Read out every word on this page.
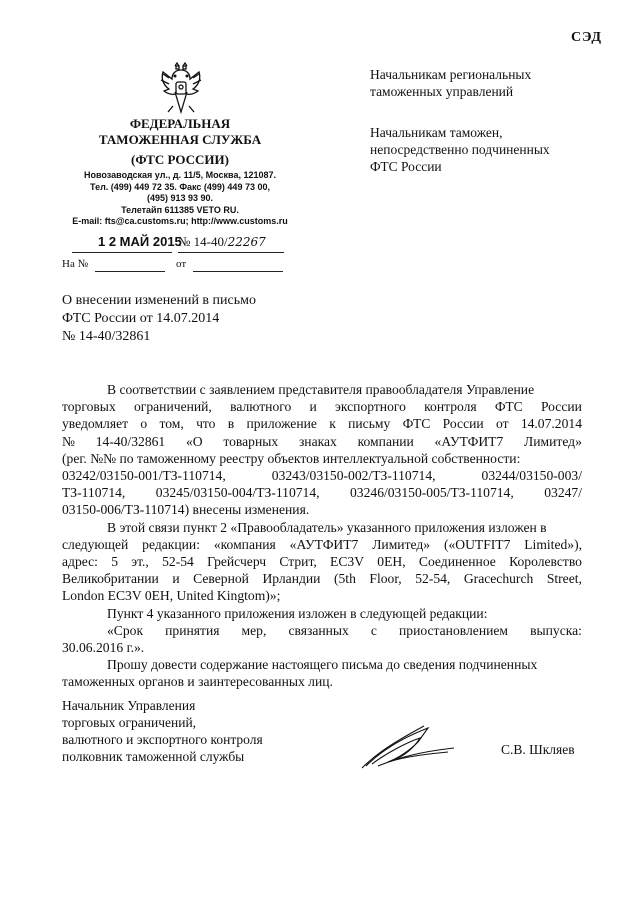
СЭД
ФЕДЕРАЛЬНАЯ
ТАМОЖЕННАЯ СЛУЖБА
(ФТС РОССИИ)
Новозаводская ул., д. 11/5, Москва, 121087.
Тел. (499) 449 72 35. Факс (499) 449 73 00,
(495) 913 93 90.
Телетайп 611385 VETO RU.
E-mail: fts@ca.customs.ru; http://www.customs.ru
1 2 МАЙ 2015
№ 14-40/22267
На №	от
Начальникам региональных
таможенных управлений
Начальникам таможен,
непосредственно подчиненных
ФТС России
О внесении изменений в письмо
ФТС России от 14.07.2014
№ 14-40/32861
В соответствии с заявлением представителя правообладателя Управление
торговых ограничений, валютного и экспортного контроля ФТС России
уведомляет о том, что в приложение к письму ФТС России от 14.07.2014
№ 14-40/32861 «О товарных знаках компании «АУТФИТ7 Лимитед»
(рег. №№ по таможенному реестру объектов интеллектуальной собственности:
03242/03150-001/ТЗ-110714,	03243/03150-002/ТЗ-110714,	03244/03150-003/
ТЗ-110714, 03245/03150-004/ТЗ-110714, 03246/03150-005/ТЗ-110714, 03247/
03150-006/ТЗ-110714) внесены изменения.
В этой связи пункт 2 «Правообладатель» указанного приложения изложен в
следующей редакции: «компания «АУТФИТ7 Лимитед» («OUTFIT7 Limited»),
адрес: 5 эт., 52-54 Грейсчерч Стрит, EC3V 0EH, Соединенное Королевство
Великобритании и Северной Ирландии (5th Floor, 52-54, Gracechurch Street,
London EC3V 0EH, United Kingtom)»;
Пункт 4 указанного приложения изложен в следующей редакции:
«Срок принятия мер, связанных с приостановлением выпуска:
30.06.2016 г.».
Прошу довести содержание настоящего письма до сведения подчиненных
таможенных органов и заинтересованных лиц.
Начальник Управления
торговых ограничений,
валютного и экспортного контроля
полковник таможенной службы	С.В. Шкляев
